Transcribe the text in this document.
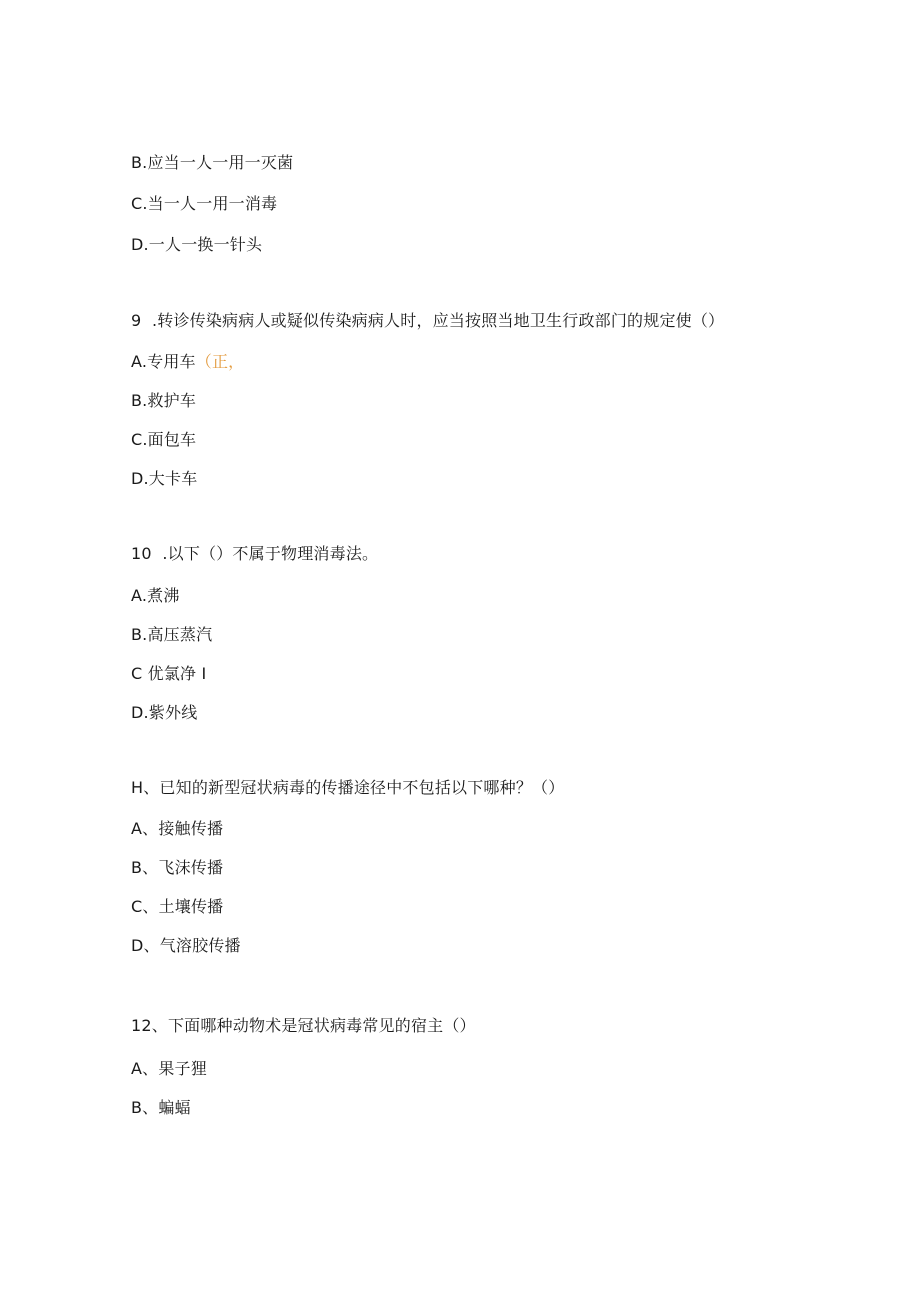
B.应当一人一用一灭菌
C.当一人一用一消毒
D.一人一换一针头
9  .转诊传染病病人或疑似传染病病人时，应当按照当地卫生行政部门的规定使（）
A.专用车（正，
B.救护车
C.面包车
D.大卡车
10  .以下（）不属于物理消毒法。
A.煮沸
B.高压蒸汽
C 优氯净 I
D.紫外线
H、已知的新型冠状病毒的传播途径中不包括以下哪种？（）
A、接触传播
B、飞沫传播
C、土壤传播
D、气溶胶传播
12、下面哪种动物术是冠状病毒常见的宿主（）
A、果子狸
B、蝙蝠
